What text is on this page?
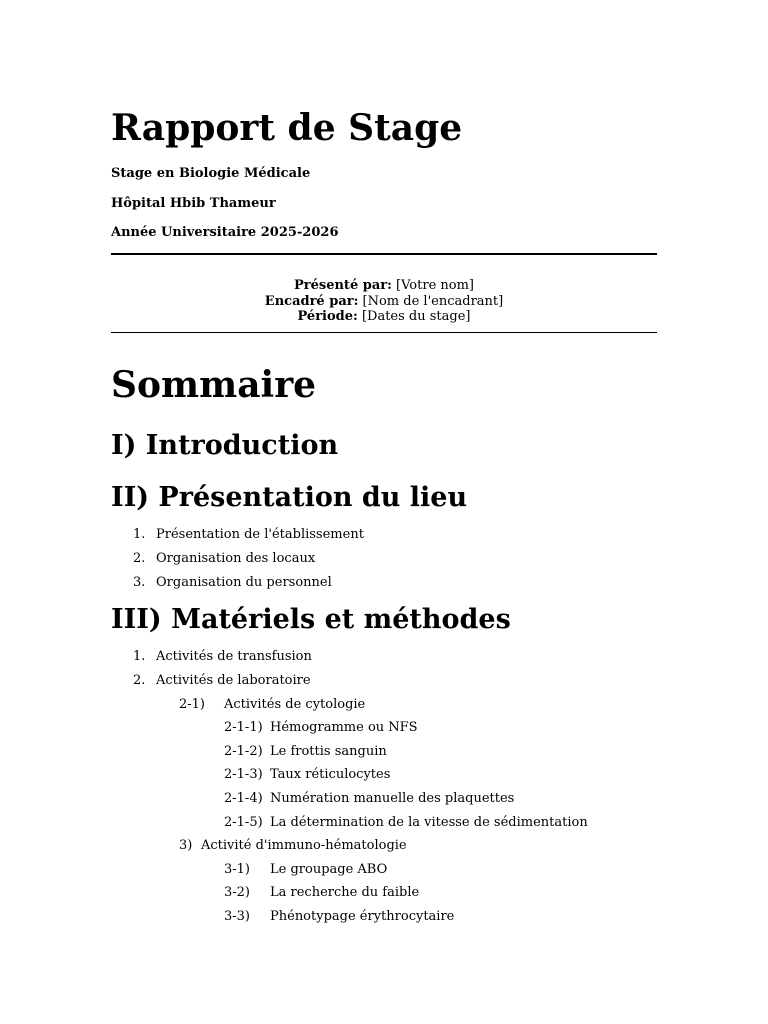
Rapport de Stage
Stage en Biologie Médicale
Hôpital Hbib Thameur
Année Universitaire 2025-2026
Présenté par: [Votre nom]
Encadré par: [Nom de l'encadrant]
Période: [Dates du stage]
Sommaire
I) Introduction
II) Présentation du lieu
1. Présentation de l'établissement
2. Organisation des locaux
3. Organisation du personnel
III) Matériels et méthodes
1. Activités de transfusion
2. Activités de laboratoire
2-1) Activités de cytologie
2-1-1) Hémogramme ou NFS
2-1-2) Le frottis sanguin
2-1-3) Taux réticulocytes
2-1-4) Numération manuelle des plaquettes
2-1-5) La détermination de la vitesse de sédimentation
3) Activité d'immuno-hématologie
3-1) Le groupage ABO
3-2) La recherche du faible
3-3) Phénotypage érythrocytaire
